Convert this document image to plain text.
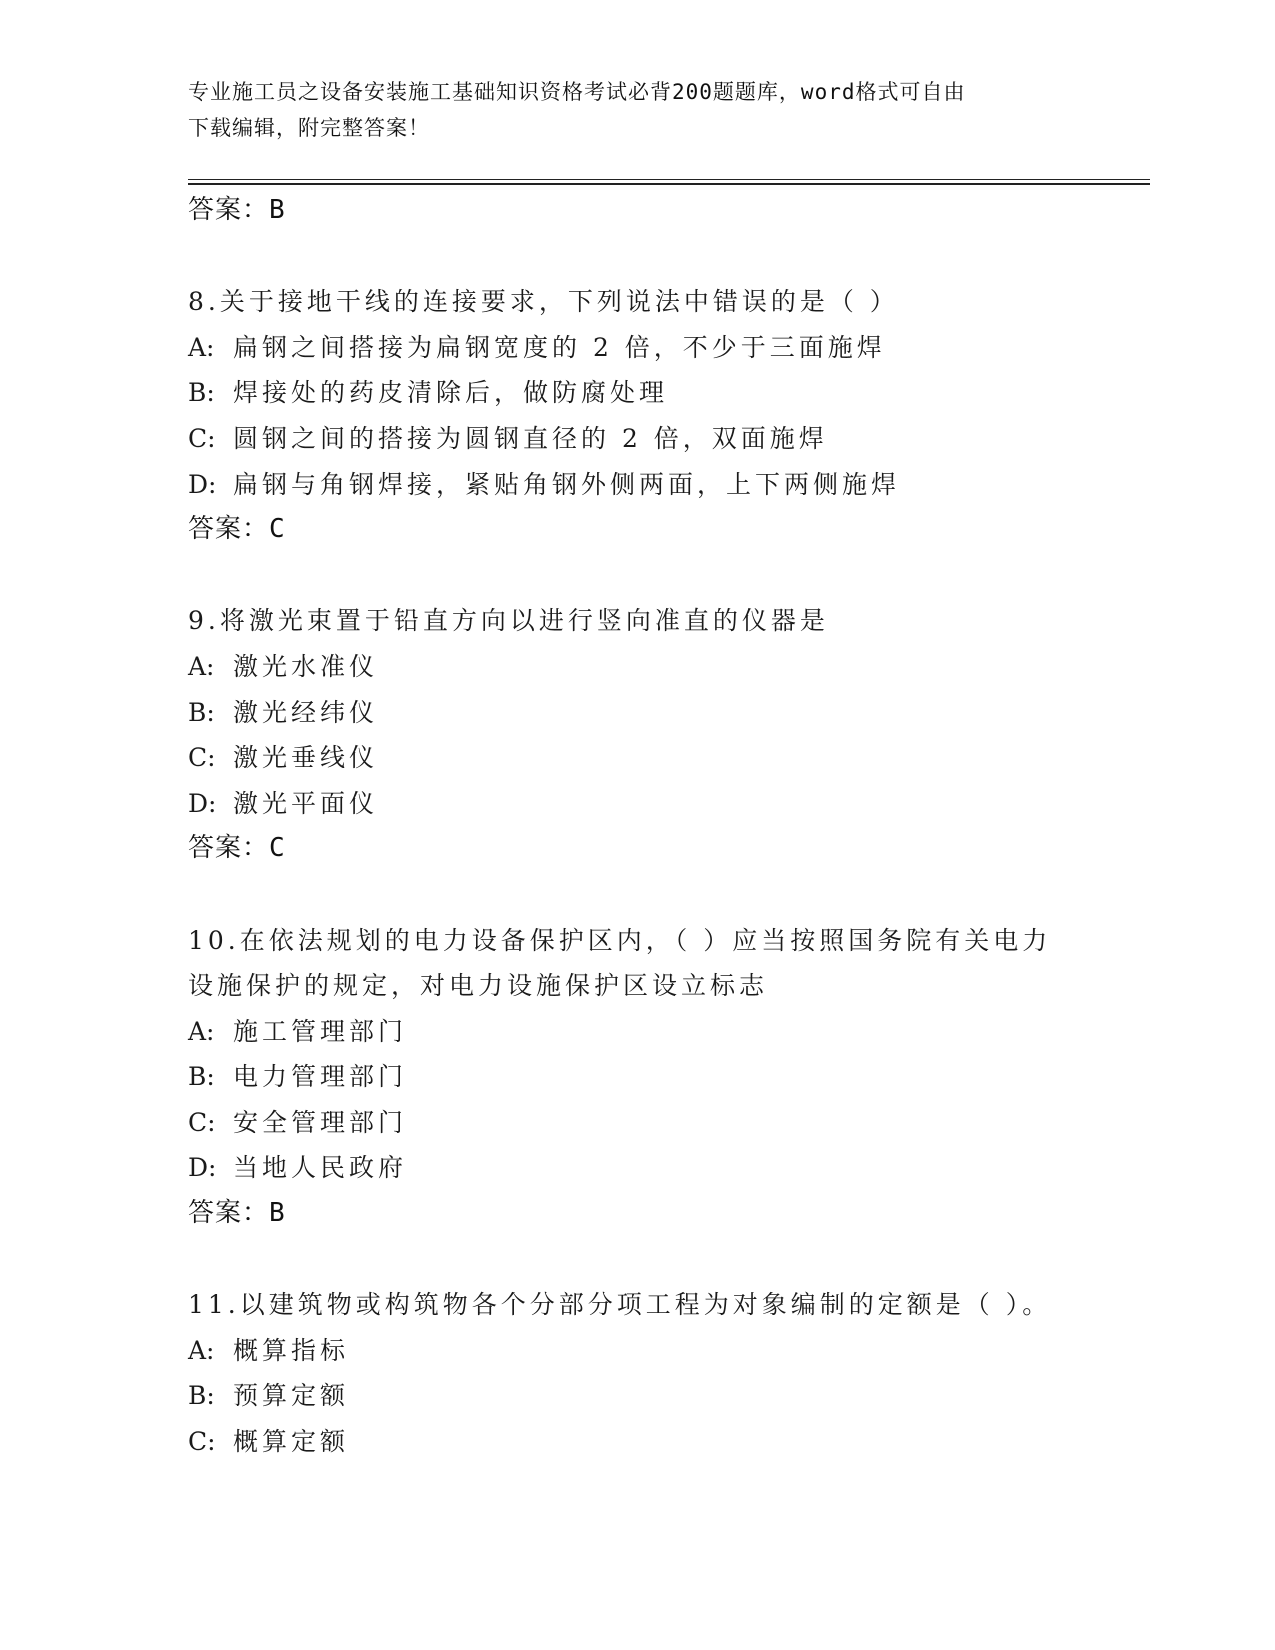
专业施工员之设备安装施工基础知识资格考试必背200题题库，word格式可自由
下载编辑，附完整答案！
答案：B
8.关于接地干线的连接要求，下列说法中错误的是（ ）
A: 扁钢之间搭接为扁钢宽度的 2 倍，不少于三面施焊
B: 焊接处的药皮清除后，做防腐处理
C: 圆钢之间的搭接为圆钢直径的 2 倍，双面施焊
D: 扁钢与角钢焊接，紧贴角钢外侧两面，上下两侧施焊
答案：C
9.将激光束置于铅直方向以进行竖向准直的仪器是
A: 激光水准仪
B: 激光经纬仪
C: 激光垂线仪
D: 激光平面仪
答案：C
10.在依法规划的电力设备保护区内，（ ）应当按照国务院有关电力设施保护的规定，对电力设施保护区设立标志
A: 施工管理部门
B: 电力管理部门
C: 安全管理部门
D: 当地人民政府
答案：B
11.以建筑物或构筑物各个分部分项工程为对象编制的定额是（ ）。
A: 概算指标
B: 预算定额
C: 概算定额
